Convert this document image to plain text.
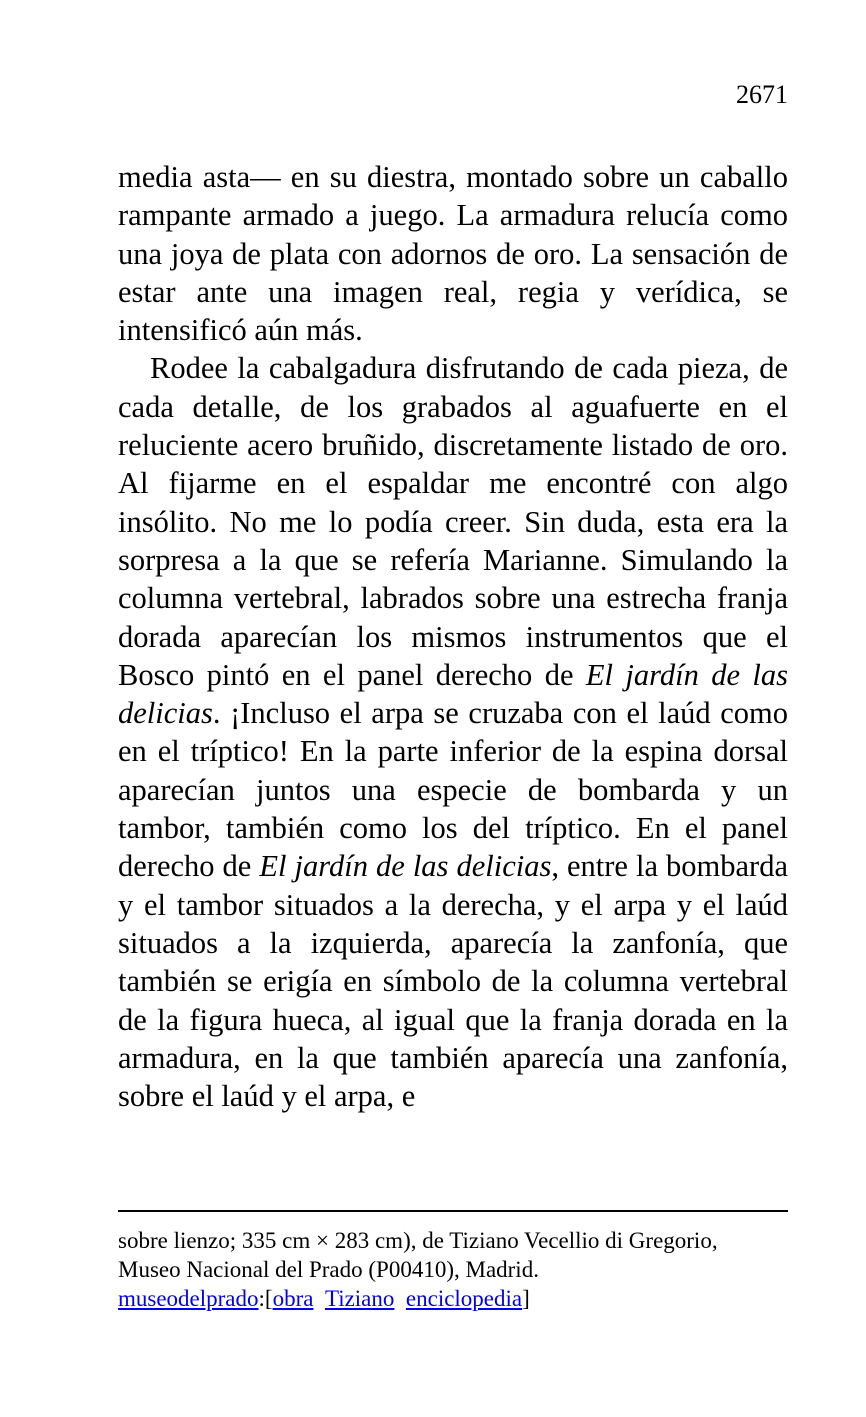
2671

media asta— en su diestra, montado sobre un caballo rampante armado a juego. La armadura relucía como una joya de plata con adornos de oro. La sensación de estar ante una imagen real, regia y verídica, se intensificó aún más.

Rodee la cabalgadura disfrutando de cada pieza, de cada detalle, de los grabados al aguafuerte en el reluciente acero bruñido, discretamente listado de oro. Al fijarme en el espaldar me encontré con algo insólito. No me lo podía creer. Sin duda, esta era la sorpresa a la que se refería Marianne. Simulando la columna vertebral, labrados sobre una estrecha franja dorada aparecían los mismos instrumentos que el Bosco pintó en el panel derecho de El jardín de las delicias. ¡Incluso el arpa se cruzaba con el laúd como en el tríptico! En la parte inferior de la espina dorsal aparecían juntos una especie de bombarda y un tambor, también como los del tríptico. En el panel derecho de El jardín de las delicias, entre la bombarda y el tambor situados a la derecha, y el arpa y el laúd situados a la izquierda, aparecía la zanfonía, que también se erigía en símbolo de la columna vertebral de la figura hueca, al igual que la franja dorada en la armadura, en la que también aparecía una zanfonía, sobre el laúd y el arpa, e

sobre lienzo; 335 cm × 283 cm), de Tiziano Vecellio di Gregorio,

Museo Nacional del Prado (P00410), Madrid.

museodelprado:[obra Tiziano enciclopedia]
